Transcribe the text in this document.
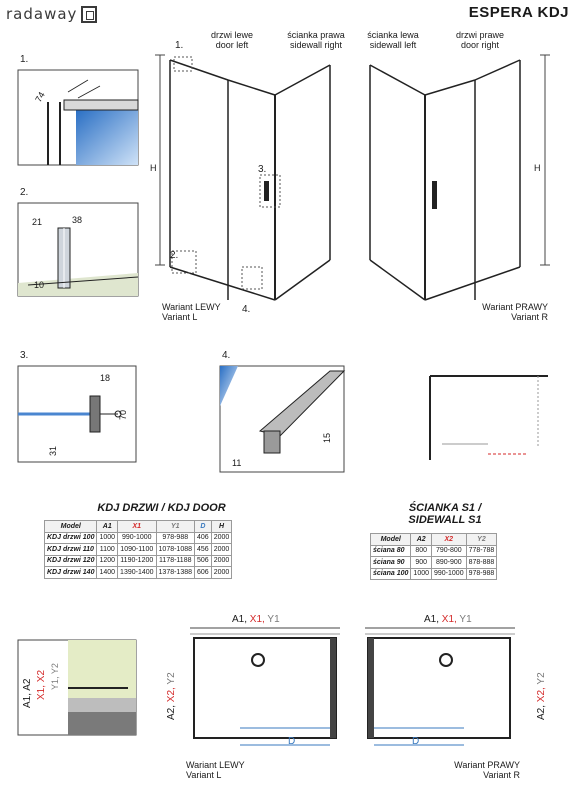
radaway	ESPERA KDJ
1.
74
2.
21	38
10
1.
3.
2.
4.
H
drzwi lewe
door left
ścianka prawa
sidewall right
Wariant LEWY
Variant L
H
ścianka lewa
sidewall left
drzwi prawe
door right
Wariant PRAWY
Variant R
3.
18
70
31
4.
15
11
KDJ DRZWI / KDJ DOOR
Model	A1	X1	Y1	D	H
KDJ drzwi 100	1000	990-1000	978-988	406	2000
KDJ drzwi 110	1100	1090-1100	1078-1088	456	2000
KDJ drzwi 120	1200	1190-1200	1178-1188	506	2000
KDJ drzwi 140	1400	1390-1400	1378-1388	606	2000
ŚCIANKA S1 /
SIDEWALL S1
Model	A2	X2	Y2
ściana 80	800	790-800	778-788
ściana 90	900	890-900	878-888
ściana 100	1000	990-1000	978-988
A1, A2 X1, X2 Y1, Y2
A1, X1, Y1
A2, X2, Y2
D
Wariant LEWY
Variant L
A1, X1, Y1
A2, X2, Y2
D
Wariant PRAWY
Variant R
